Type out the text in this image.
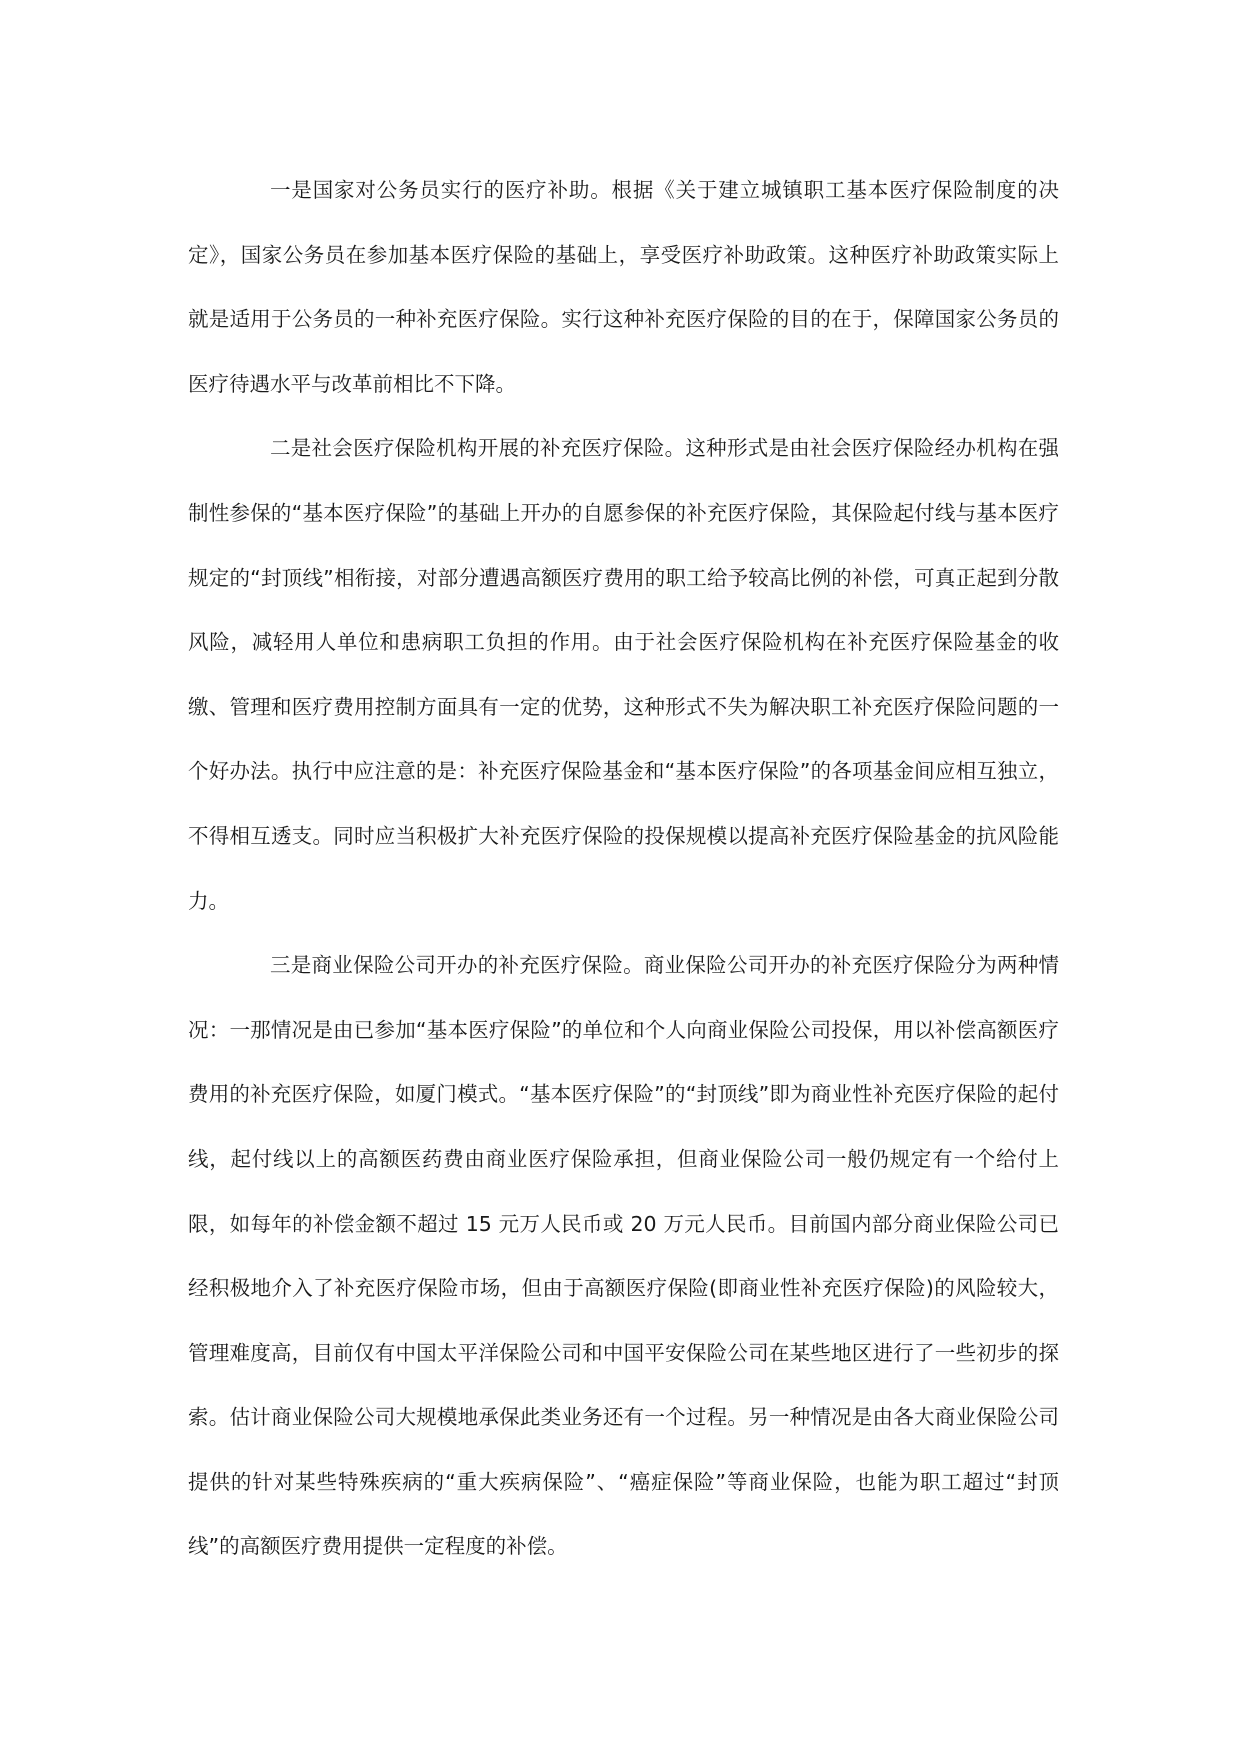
一是国家对公务员实行的医疗补助。根据《关于建立城镇职工基本医疗保险制度的决定》，国家公务员在参加基本医疗保险的基础上，享受医疗补助政策。这种医疗补助政策实际上就是适用于公务员的一种补充医疗保险。实行这种补充医疗保险的目的在于，保障国家公务员的医疗待遇水平与改革前相比不下降。

二是社会医疗保险机构开展的补充医疗保险。这种形式是由社会医疗保险经办机构在强制性参保的“基本医疗保险”的基础上开办的自愿参保的补充医疗保险，其保险起付线与基本医疗规定的“封顶线”相衔接，对部分遭遇高额医疗费用的职工给予较高比例的补偿，可真正起到分散风险，减轻用人单位和患病职工负担的作用。由于社会医疗保险机构在补充医疗保险基金的收缴、管理和医疗费用控制方面具有一定的优势，这种形式不失为解决职工补充医疗保险问题的一个好办法。执行中应注意的是：补充医疗保险基金和“基本医疗保险”的各项基金间应相互独立，不得相互透支。同时应当积极扩大补充医疗保险的投保规模以提高补充医疗保险基金的抗风险能力。

三是商业保险公司开办的补充医疗保险。商业保险公司开办的补充医疗保险分为两种情况：一那情况是由已参加“基本医疗保险”的单位和个人向商业保险公司投保，用以补偿高额医疗费用的补充医疗保险，如厦门模式。“基本医疗保险”的“封顶线”即为商业性补充医疗保险的起付线，起付线以上的高额医药费由商业医疗保险承担，但商业保险公司一般仍规定有一个给付上限，如每年的补偿金额不超过 15 元万人民币或 20 万元人民币。目前国内部分商业保险公司已经积极地介入了补充医疗保险市场，但由于高额医疗保险(即商业性补充医疗保险)的风险较大，管理难度高，目前仅有中国太平洋保险公司和中国平安保险公司在某些地区进行了一些初步的探索。估计商业保险公司大规模地承保此类业务还有一个过程。另一种情况是由各大商业保险公司提供的针对某些特殊疾病的“重大疾病保险”、“癌症保险”等商业保险，也能为职工超过“封顶线”的高额医疗费用提供一定程度的补偿。
